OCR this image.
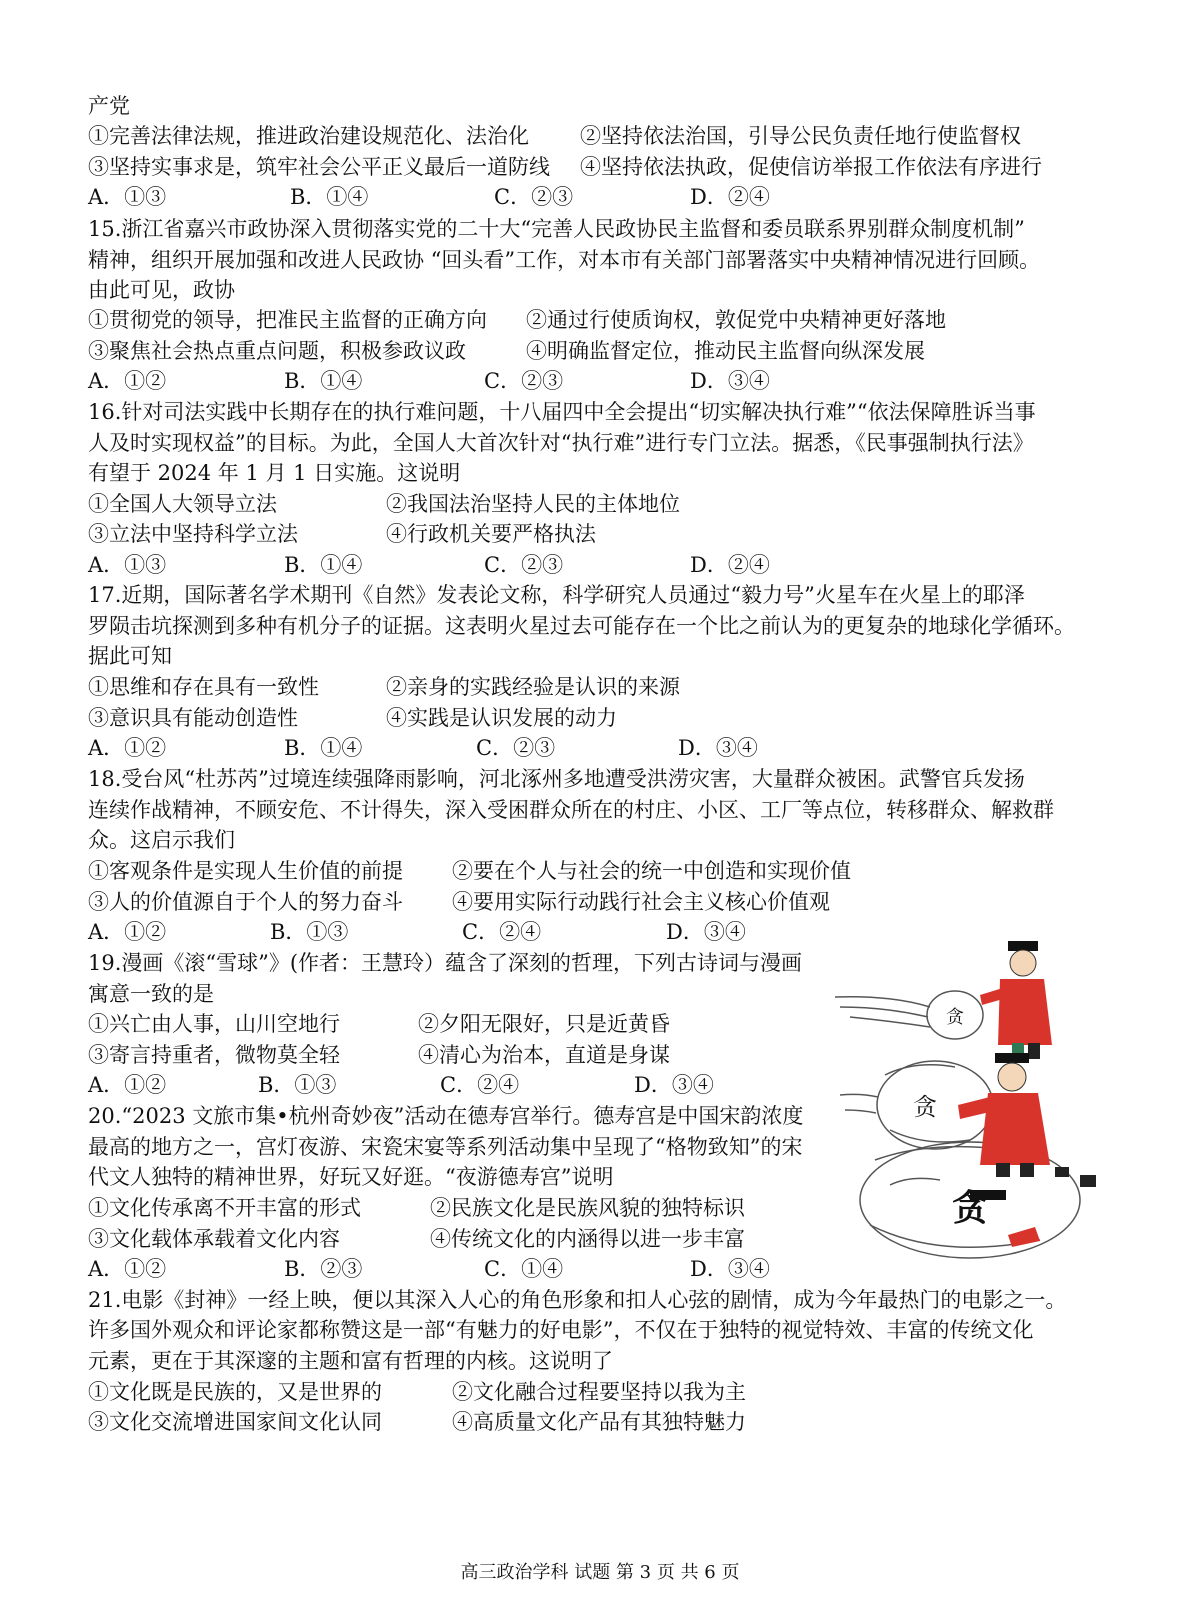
产党
①完善法律法规，推进政治建设规范化、法治化 ②坚持依法治国，引导公民负责任地行使监督权
③坚持实事求是，筑牢社会公平正义最后一道防线 ④坚持依法执政，促使信访举报工作依法有序进行
A．①③	B．①④	C．②③	D．②④
15.浙江省嘉兴市政协深入贯彻落实党的二十大“完善人民政协民主监督和委员联系界别群众制度机制”
精神，组织开展加强和改进人民政协 “回头看”工作，对本市有关部门部署落实中央精神情况进行回顾。
由此可见，政协
①贯彻党的领导，把准民主监督的正确方向 ②通过行使质询权，敦促党中央精神更好落地
③聚焦社会热点重点问题，积极参政议政	④明确监督定位，推动民主监督向纵深发展
A．①②	B．①④	C．②③	D．③④
16.针对司法实践中长期存在的执行难问题，十八届四中全会提出“切实解决执行难”“依法保障胜诉当事
人及时实现权益”的目标。为此，全国人大首次针对“执行难”进行专门立法。据悉，《民事强制执行法》
有望于 2024 年 1 月 1 日实施。这说明
①全国人大领导立法	②我国法治坚持人民的主体地位
③立法中坚持科学立法	④行政机关要严格执法
A．①③	B．①④	C．②③	D．②④
17.近期，国际著名学术期刊《自然》发表论文称，科学研究人员通过“毅力号”火星车在火星上的耶泽
罗陨击坑探测到多种有机分子的证据。这表明火星过去可能存在一个比之前认为的更复杂的地球化学循环。
据此可知
①思维和存在具有一致性	②亲身的实践经验是认识的来源
③意识具有能动创造性	④实践是认识发展的动力
A．①②	B．①④	C．②③	D．③④
18.受台风“杜苏芮”过境连续强降雨影响，河北涿州多地遭受洪涝灾害，大量群众被困。武警官兵发扬
连续作战精神，不顾安危、不计得失，深入受困群众所在的村庄、小区、工厂等点位，转移群众、解救群
众。这启示我们
①客观条件是实现人生价值的前提 ②要在个人与社会的统一中创造和实现价值
③人的价值源自于个人的努力奋斗 ④要用实际行动践行社会主义核心价值观
A．①②	B．①③	C．②④	D．③④
19.漫画《滚“雪球”》(作者：王慧玲）蕴含了深刻的哲理，下列古诗词与漫画
寓意一致的是
①兴亡由人事，山川空地行	②夕阳无限好，只是近黄昏
③寄言持重者，微物莫全轻	④清心为治本，直道是身谋
A．①②	B．①③	C．②④	D．③④
20.“2023 文旅市集•杭州奇妙夜”活动在德寿宫举行。德寿宫是中国宋韵浓度
最高的地方之一，宫灯夜游、宋瓷宋宴等系列活动集中呈现了“格物致知”的宋
代文人独特的精神世界，好玩又好逛。“夜游德寿宫”说明
①文化传承离不开丰富的形式	②民族文化是民族风貌的独特标识
③文化载体承载着文化内容	④传统文化的内涵得以进一步丰富
A．①②	B．②③	C．①④	D．③④
21.电影《封神》一经上映，便以其深入人心的角色形象和扣人心弦的剧情，成为今年最热门的电影之一。
许多国外观众和评论家都称赞这是一部“有魅力的好电影”，不仅在于独特的视觉特效、丰富的传统文化
元素，更在于其深邃的主题和富有哲理的内核。这说明了
①文化既是民族的，又是世界的	②文化融合过程要坚持以我为主
③文化交流增进国家间文化认同	④高质量文化产品有其独特魅力
贪
贪
贪
高三政治学科 试题 第 3 页 共 6 页
